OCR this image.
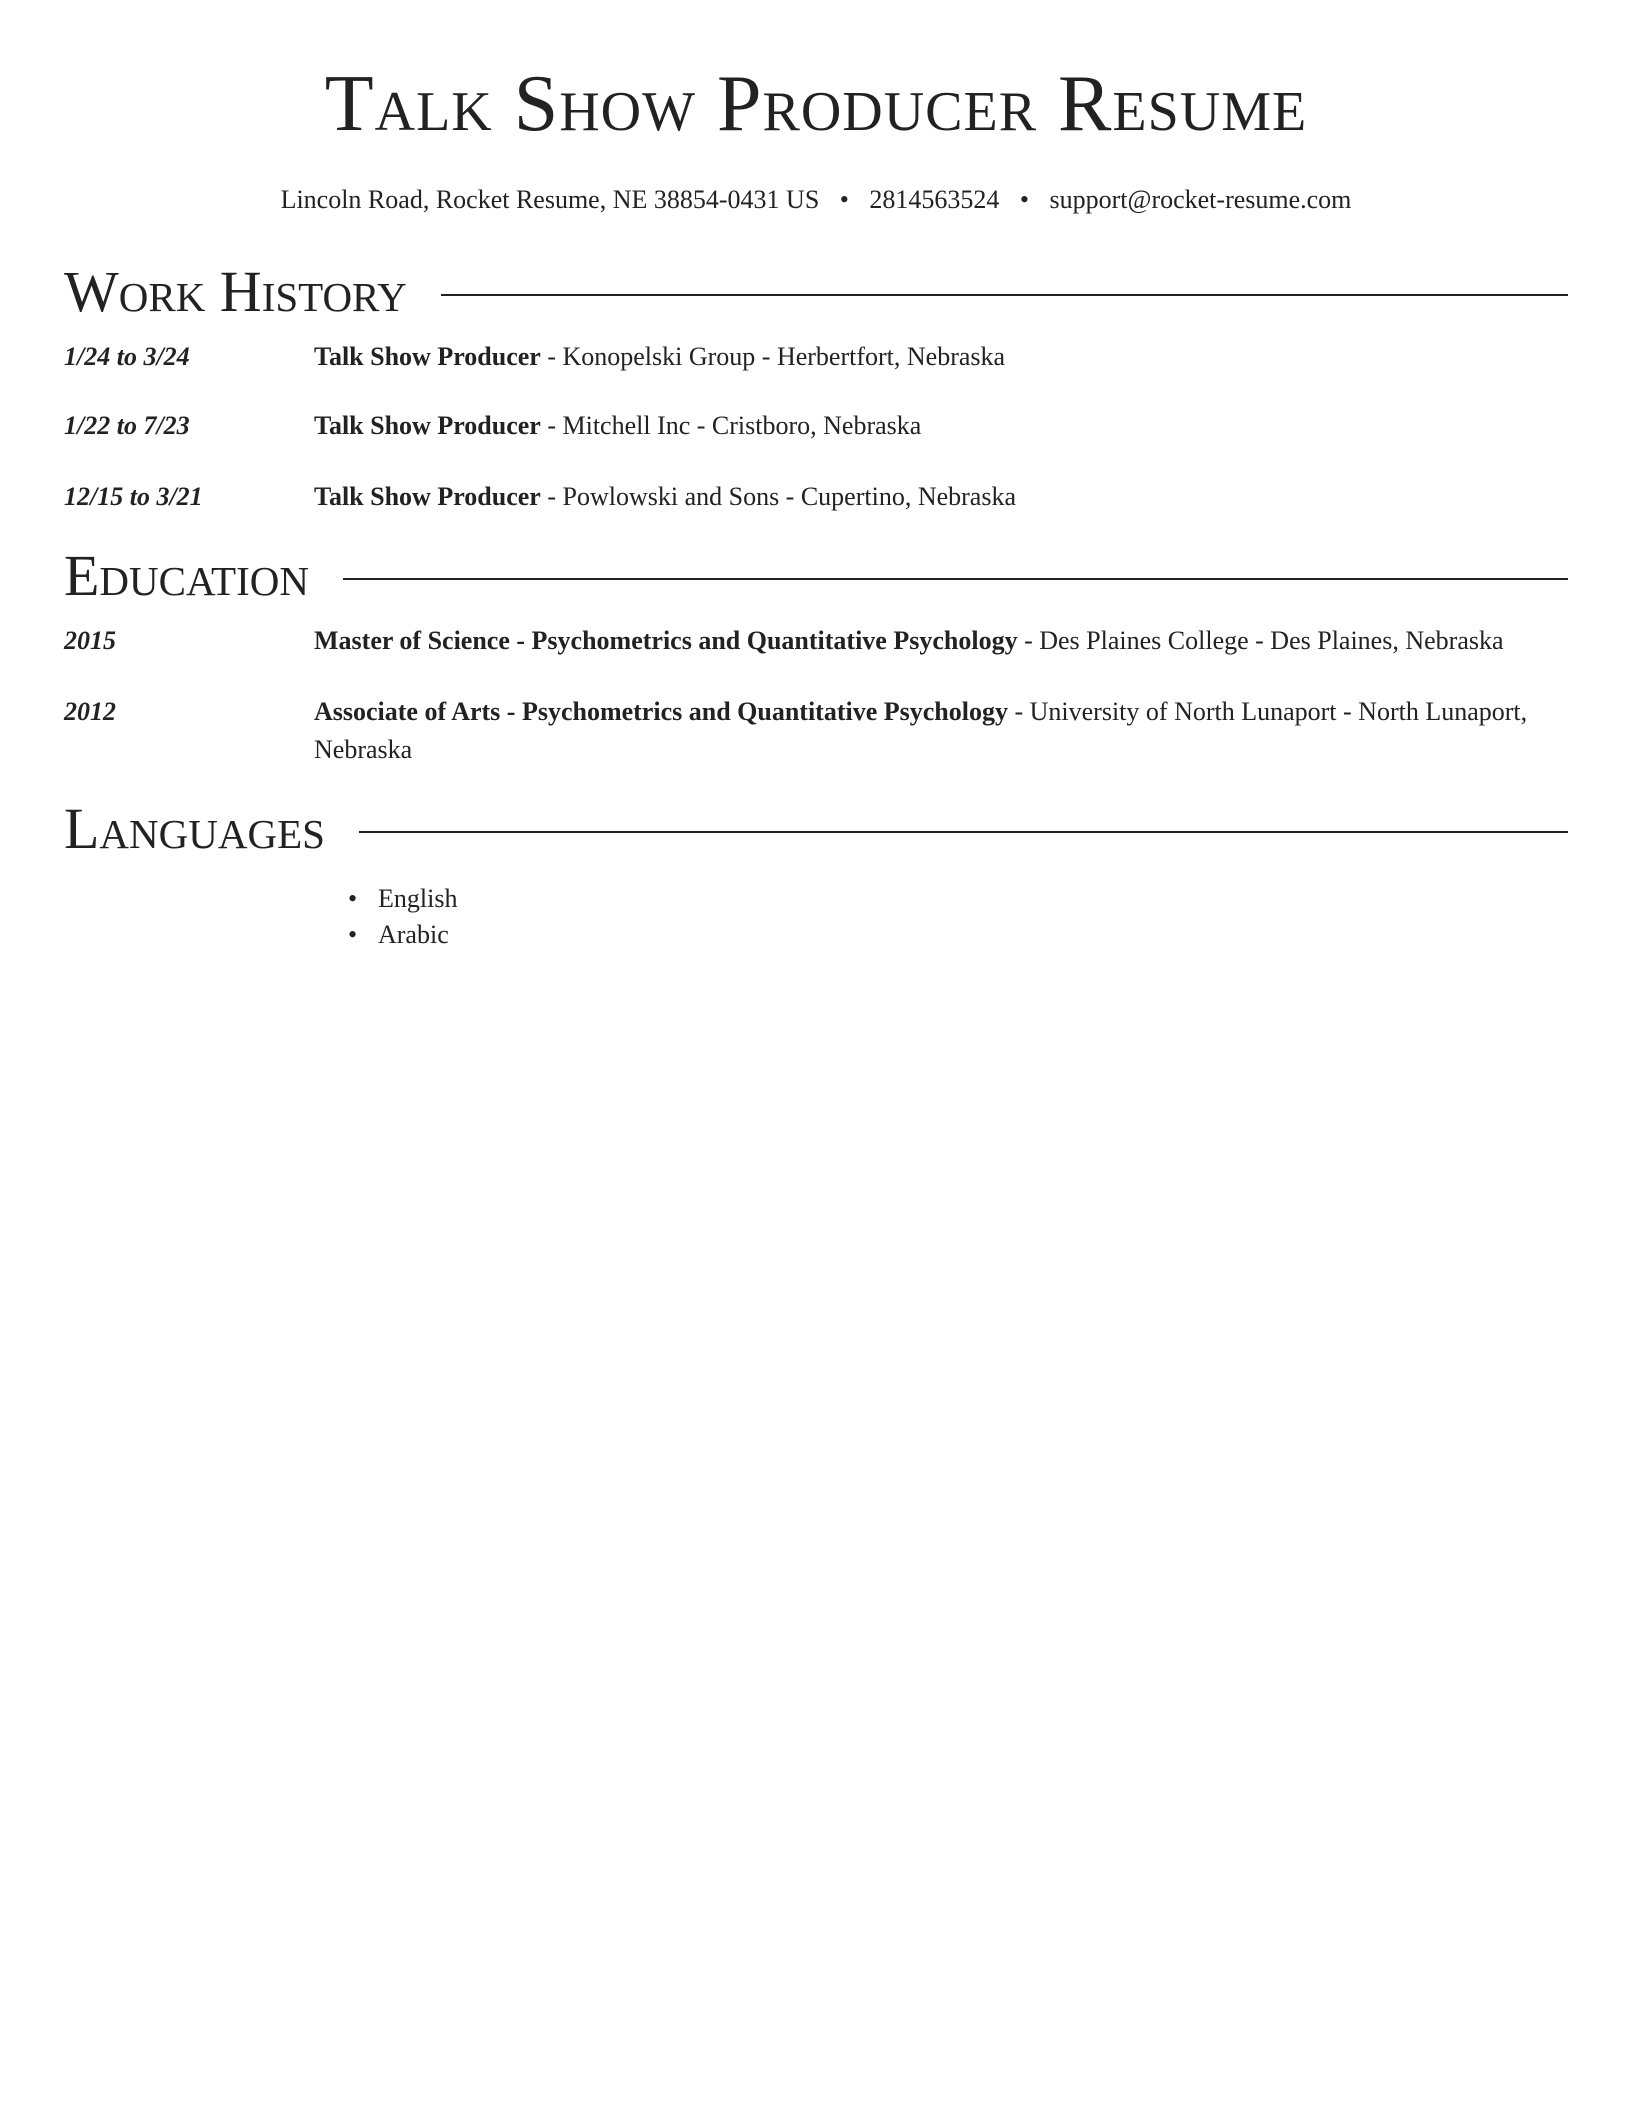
Talk Show Producer Resume
Lincoln Road, Rocket Resume, NE 38854-0431 US • 2814563524 • support@rocket-resume.com
Work History
1/24 to 3/24	Talk Show Producer - Konopelski Group - Herbertfort, Nebraska
1/22 to 7/23	Talk Show Producer - Mitchell Inc - Cristboro, Nebraska
12/15 to 3/21	Talk Show Producer - Powlowski and Sons - Cupertino, Nebraska
Education
2015	Master of Science - Psychometrics and Quantitative Psychology - Des Plaines College - Des Plaines, Nebraska
2012	Associate of Arts - Psychometrics and Quantitative Psychology - University of North Lunaport - North Lunaport, Nebraska
Languages
• English
• Arabic
